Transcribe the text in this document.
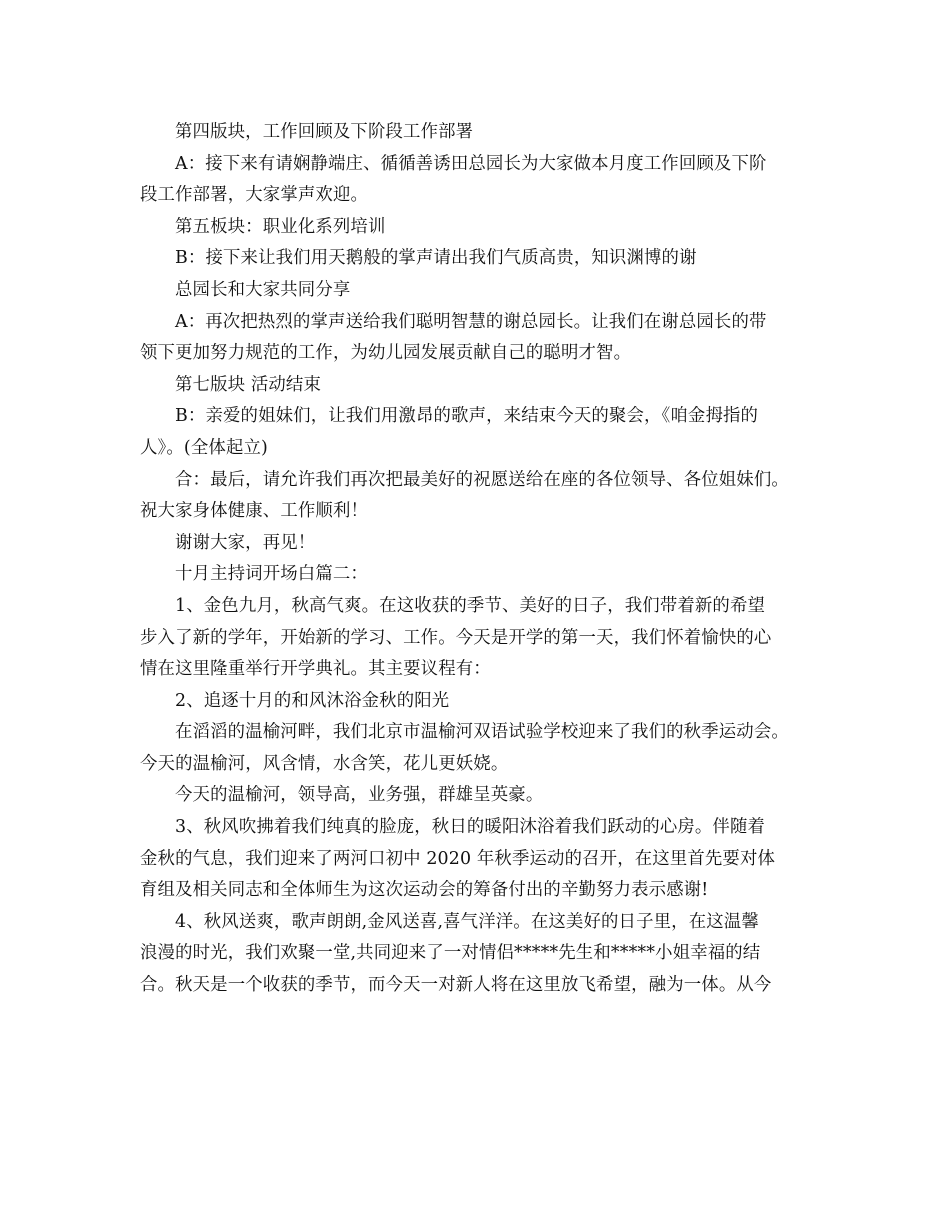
第四版块，工作回顾及下阶段工作部署
A：接下来有请娴静端庄、循循善诱田总园长为大家做本月度工作回顾及下阶
段工作部署，大家掌声欢迎。
第五板块：职业化系列培训
B：接下来让我们用天鹅般的掌声请出我们气质高贵，知识渊博的谢
总园长和大家共同分享
A：再次把热烈的掌声送给我们聪明智慧的谢总园长。让我们在谢总园长的带
领下更加努力规范的工作，为幼儿园发展贡献自己的聪明才智。
第七版块 活动结束
B：亲爱的姐妹们，让我们用激昂的歌声，来结束今天的聚会，《咱金拇指的
人》。(全体起立)
合：最后，请允许我们再次把最美好的祝愿送给在座的各位领导、各位姐妹们。
祝大家身体健康、工作顺利！
谢谢大家，再见！
十月主持词开场白篇二：
1、金色九月，秋高气爽。在这收获的季节、美好的日子，我们带着新的希望
步入了新的学年，开始新的学习、工作。今天是开学的第一天，我们怀着愉快的心
情在这里隆重举行开学典礼。其主要议程有：
2、追逐十月的和风沐浴金秋的阳光
在滔滔的温榆河畔，我们北京市温榆河双语试验学校迎来了我们的秋季运动会。
今天的温榆河，风含情，水含笑，花儿更妖娆。
今天的温榆河，领导高，业务强，群雄呈英豪。
3、秋风吹拂着我们纯真的脸庞，秋日的暖阳沐浴着我们跃动的心房。伴随着
金秋的气息，我们迎来了两河口初中 2020 年秋季运动的召开，在这里首先要对体
育组及相关同志和全体师生为这次运动会的筹备付出的辛勤努力表示感谢!
4、秋风送爽，歌声朗朗,金风送喜,喜气洋洋。在这美好的日子里，在这温馨
浪漫的时光，我们欢聚一堂,共同迎来了一对情侣*****先生和*****小姐幸福的结
合。秋天是一个收获的季节，而今天一对新人将在这里放飞希望，融为一体。从今
